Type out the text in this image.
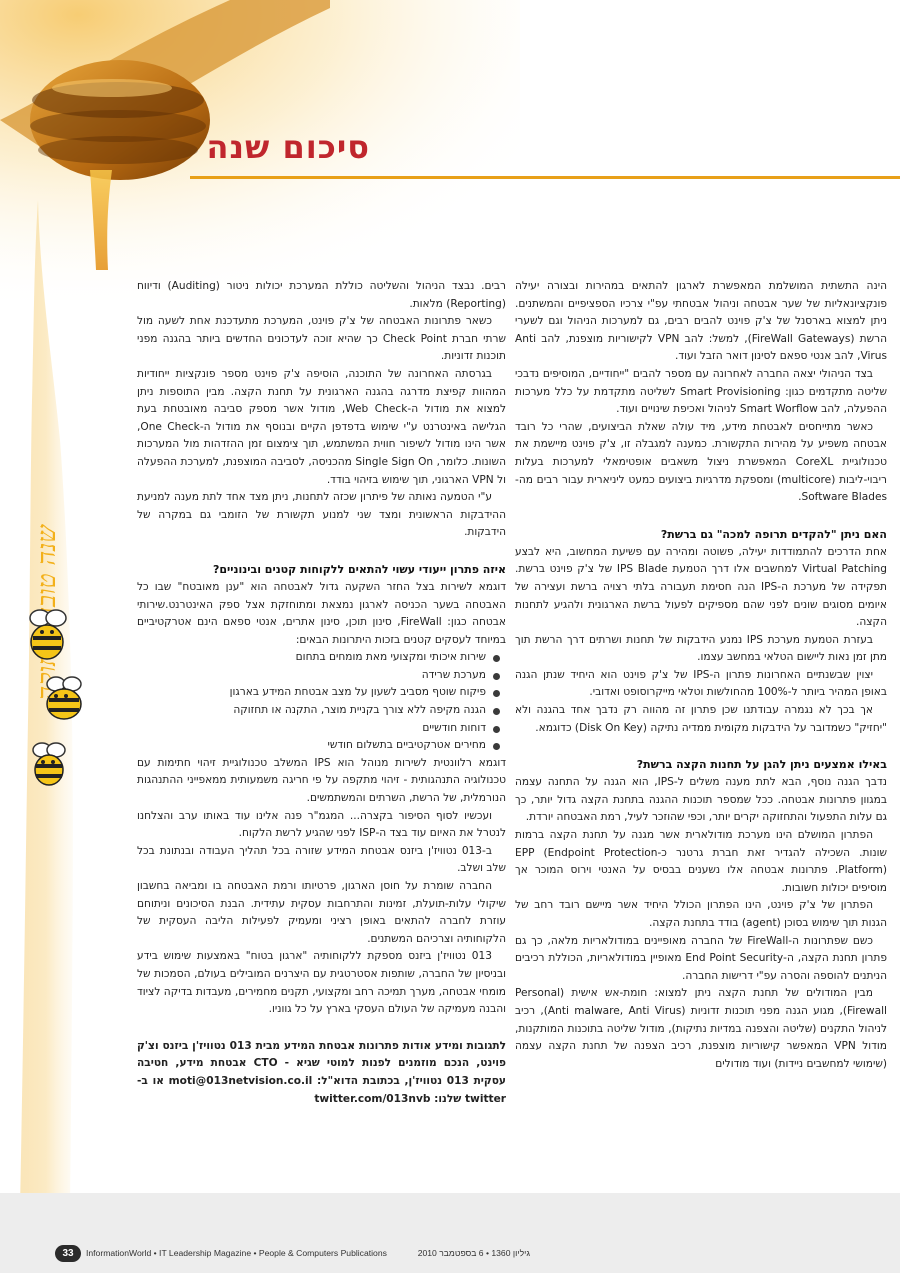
סיכום שנה
שנה טובה ומתוקה

הינה התשתית המושלמת המאפשרת לארגון להתאים במהירות ובצורה יעילה פונקציונאליות של שער אבטחה וניהול אבטחתי עפ"י צרכיו הספציפיים והמשתנים. ניתן למצוא בארסנל של צ'ק פוינט להבים רבים, גם למערכות הניהול וגם לשערי הרשת (FireWall Gateways), למשל: להב VPN לקישוריות מוצפנת, להב Anti Virus, להב אנטי ספאם לסינון דואר הזבל ועוד.

בצד הניהולי יצאה החברה לאחרונה עם מספר להבים "ייחודיים, המוסיפים נדבכי שליטה מתקדמים כגון: Smart Provisioning לשליטה מתקדמת על כלל מערכות ההפעלה, להב Smart Worflow לניהול ואכיפת שינויים ועוד.

כאשר מתייחסים לאבטחת מידע, מיד עולה שאלת הביצועים, שהרי כל רובד אבטחה משפיע על מהירות התקשורת. כמענה למגבלה זו, צ'ק פוינט מיישמת את טכנולוגיית CoreXL המאפשרת ניצול משאבים אופטימאלי למערכות בעלות ריבוי-ליבות (multicore) ומספקת מדרגיות ביצועים כמעט ליניארית עבור רבים מה-Software Blades.

האם ניתן "להקדים תרופה למכה" גם ברשת?

אחת הדרכים להתמודדות יעילה, פשוטה ומהירה עם פשיעת המחשוב, היא לבצע Virtual Patching למחשבים אלו דרך הטמעת IPS Blade של צ'ק פוינט ברשת. תפקידה של מערכת ה-IPS הנה חסימת תעבורה בלתי רצויה ברשת ועצירה של איומים מסוגים שונים לפני שהם מספיקים לפעול ברשת הארגונית ולהגיע לתחנות הקצה.

בעזרת הטמעת מערכת IPS נמנע הידבקות של תחנות ושרתים דרך הרשת תוך מתן זמן נאות ליישום הטלאי במחשב עצמו.

יצוין שבשנתיים האחרונות פתרון ה-IPS של צ'ק פוינט הוא היחיד שנתן הגנה באופן המהיר ביותר ל-100% מהחולשות וטלאי מייקרוסופט ואדובי.

אך בכך לא נגמרה עבודתנו שכן פתרון זה מהווה רק נדבך אחד בהגנה ולא "יחזיק" כשמדובר על הידבקות מקומית ממדיה נתיקה (Disk On Key) כדוגמא.

באילו אמצעים ניתן להגן על תחנות הקצה ברשת?

נדבך הגנה נוסף, הבא לתת מענה משלים ל-IPS, הוא הגנה על התחנה עצמה במגוון פתרונות אבטחה. ככל שמספר תוכנות ההגנה בתחנת הקצה גדול יותר, כך גם עלות התפעול והתחזוקה יקרים יותר, וכפי שהוזכר לעיל, רמת האבטחה יורדת.

הפתרון המושלם הינו מערכת מודולארית אשר מגנה על תחנת הקצה ברמות שונות. השכילה להגדיר זאת חברת גרטנר כ-EPP (Endpoint Protection Platform). פתרונות אבטחה אלו נשענים בבסיס על האנטי וירוס המוכר אך מוסיפים יכולות חשובות.

הפתרון של צ'ק פוינט, הינו הפתרון הכולל היחיד אשר מיישם רובד רחב של הגנות תוך שימוש בסוכן (agent) בודד בתחנת הקצה.

כשם שפתרונות ה-FireWall של החברה מאופיינים במודולאריות מלאה, כך גם פתרון תחנת הקצה, ה-End Point Security מאופיין במודולאריות, הכוללת רכיבים הניתנים להוספה והסרה עפ"י דרישות החברה.

מבין המודולים של תחנת הקצה ניתן למצוא: חומת-אש אישית (Personal Firewall), מגוע הגנה מפני תוכנות זדוניות (Anti malware, Anti Virus), רכיב לניהול התקנים (שליטה והצפנה במדיות נתיקות), מודול שליטה בתוכנות המותקנות, מודול VPN המאפשר קישוריות מוצפנת, רכיב הצפנה של תחנת הקצה עצמה (שימושי למחשבים ניידות) ועוד מודולים

רבים. נבצד הניהול והשליטה כוללת המערכת יכולות ניטור (Auditing) ודיווח (Reporting) מלאות.

כשאר פתרונות האבטחה של צ'ק פוינט, המערכת מתעדכנת אחת לשעה מול שרתי חברת Check Point כך שהיא זוכה לעדכונים החדשים ביותר בהגנה מפני תוכנות זדוניות.

בגרסתה האחרונה של התוכנה, הוסיפה צ'ק פוינט מספר פונקציות ייחודיות המהוות קפיצת מדרגה בהגנה הארגונית על תחנת הקצה. מבין התוספות ניתן למצוא את מודול ה-Web Check, מודול אשר מספק סביבה מאובטחת בעת הגלישה באינטרנט ע"י שימוש בדפדפן הקיים ובנוסף את מודול ה-One Check, אשר הינו מודול לשיפור חווית המשתמש, תוך צימצום זמן ההזדהות מול המערכות השונות. כלומר, Single Sign On מהכניסה, לסביבה המוצפנת, למערכת ההפעלה ול VPN הארגוני, תוך שימוש בזיהוי בודד.

ע"י הטמעה נאותה של פיתרון שכזה לתחנות, ניתן מצד אחד לתת מענה למניעת ההידבקות הראשונית ומצד שני למנוע תקשורת של הזומבי גם במקרה של הידבקות.

איזה פתרון ייעודי עשוי להתאים ללקוחות קטנים ובינוניים?

דוגמא לשירות בצל החזר השקעה גדול לאבטחה הוא "ענן מאובטח" שבו כל האבטחה בשער הכניסה לארגון נמצאת ומתוחזקת אצל ספק האינטרנט.שירותי אבטחה כגון: FireWall, סינון תוכן, סינון אתרים, אנטי ספאם הינם אטרקטיביים במיוחד לעסקים קטנים בזכות היתרונות הבאים:

שירות איכותי ומקצועי מאת מומחים בתחום
מערכת שרידה
פיקוח שוטף מסביב לשעון על מצב אבטחת המידע בארגון
הגנה מקיפה ללא צורך בקניית מוצר, התקנה או תחזוקה
דוחות חודשיים
מחירים אטרקטיביים בתשלום חודשי

דוגמא רלוונטית לשירות מנוהל הוא IPS המשלב טכנולוגיית זיהוי חתימות עם טכנולוגיה התנהגותית - זיהוי מתקפה על פי חריגה משמעותית ממאפייני ההתנהגות הנורמלית, של הרשת, השרתים והמשתמשים.

ועכשיו לסוף הסיפור בקצרה... המגמ"ר פנה אלינו עוד באותו ערב והצלחנו לנטרל את האיום עוד בצד ה-ISP לפני שהגיע לרשת הלקוח.

ב-013 נטוויז'ן ביזנס אבטחת המידע שזורה בכל תהליך העבודה ובנתונת בכל שלב ושלב.

החברה שומרת על חוסן הארגון, פרטיותו ורמת האבטחה בו ומביאה בחשבון שיקולי עלות-תועלת, זמינות והתרחבות עסקית עתידית. הבנת הסיכונים וניתוחם עוזרת לחברה להתאים באופן רציני ומעמיק לפעילות הליבה העסקית של הלקוחותיה וצרכיהם המשתנים.

013 נטוויז'ן ביזנס מספקת ללקוחותיה "ארגון בטוח" באמצעות שימוש בידע ובניסיון של החברה, שותפות אסטרטגית עם היצרנים המובילים בעולם, הסמכות של מומחי אבטחה, מערך תמיכה רחב ומקצועי, תקנים מחמירים, מעבדות בדיקה לציוד והבנה מעמיקה של העולם העסקי בארץ על כל גווניו.

לתגובות ומידע אודות פתרונות אבטחת המידע מבית 013 נטוויז'ן ביזנס וצ'ק פוינט, הנכם מוזמנים לפנות למוטי שגיא - CTO אבטחת מידע, חטיבה עסקית 013 נטוויז'ן, בכתובת הדוא"ל: moti@013netvision.co.il או ב-twitter שלנו: twitter.com/013nvb

33	InformationWorld • IT Leadership Magazine • People & Computers Publications	גיליון 1360 • 6 בספטמבר 2010
